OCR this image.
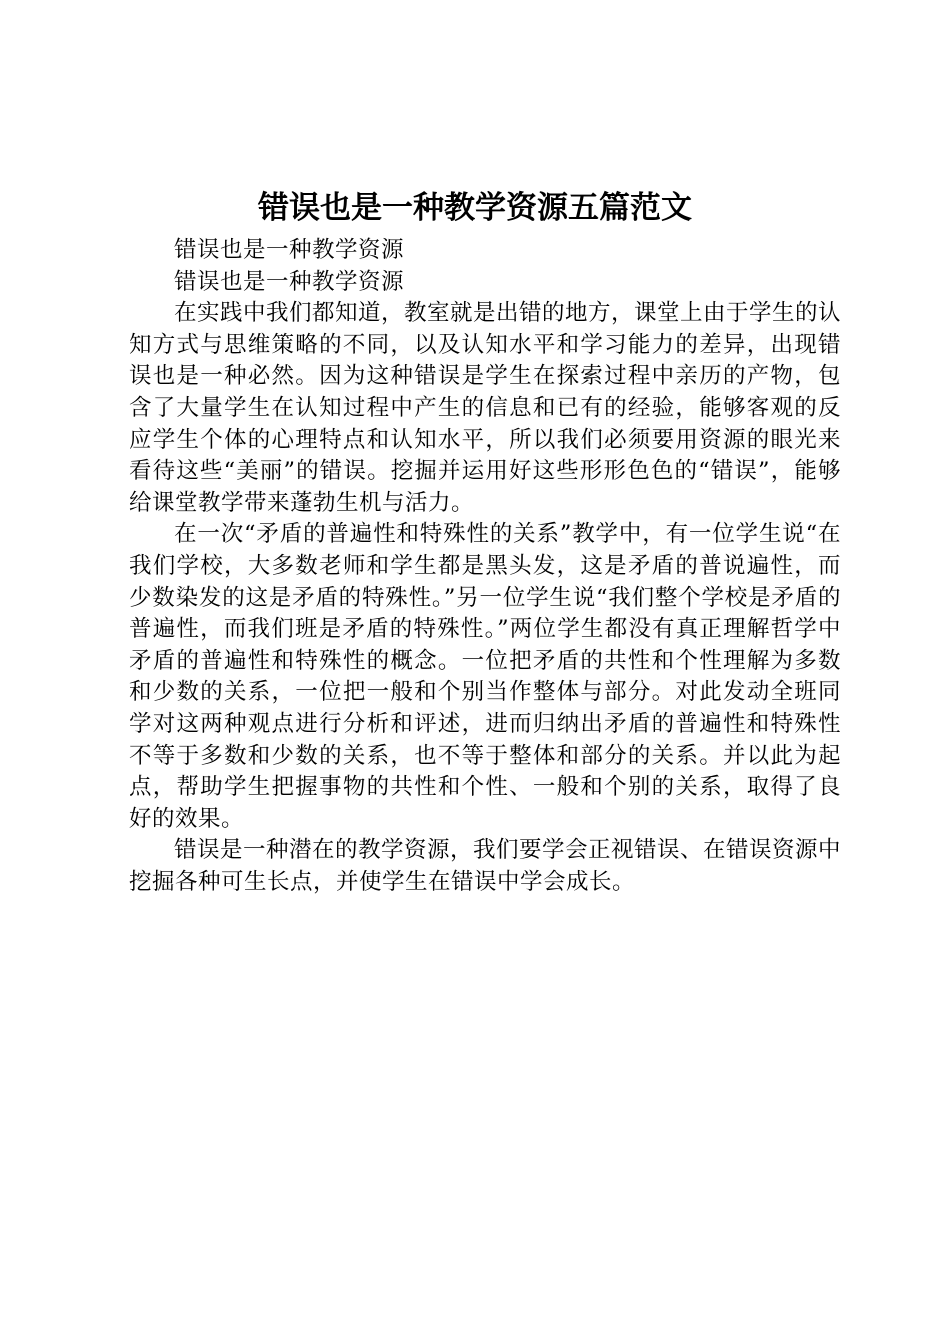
错误也是一种教学资源五篇范文

错误也是一种教学资源

错误也是一种教学资源

在实践中我们都知道，教室就是出错的地方，课堂上由于学生的认知方式与思维策略的不同，以及认知水平和学习能力的差异，出现错误也是一种必然。因为这种错误是学生在探索过程中亲历的产物，包含了大量学生在认知过程中产生的信息和已有的经验，能够客观的反应学生个体的心理特点和认知水平，所以我们必须要用资源的眼光来看待这些“美丽”的错误。挖掘并运用好这些形形色色的“错误”，能够给课堂教学带来蓬勃生机与活力。

在一次“矛盾的普遍性和特殊性的关系”教学中，有一位学生说“在我们学校，大多数老师和学生都是黑头发，这是矛盾的普说遍性，而少数染发的这是矛盾的特殊性。”另一位学生说“我们整个学校是矛盾的普遍性，而我们班是矛盾的特殊性。”两位学生都没有真正理解哲学中矛盾的普遍性和特殊性的概念。一位把矛盾的共性和个性理解为多数和少数的关系，一位把一般和个别当作整体与部分。对此发动全班同学对这两种观点进行分析和评述，进而归纳出矛盾的普遍性和特殊性不等于多数和少数的关系，也不等于整体和部分的关系。并以此为起点，帮助学生把握事物的共性和个性、一般和个别的关系，取得了良好的效果。

错误是一种潜在的教学资源，我们要学会正视错误、在错误资源中挖掘各种可生长点，并使学生在错误中学会成长。
